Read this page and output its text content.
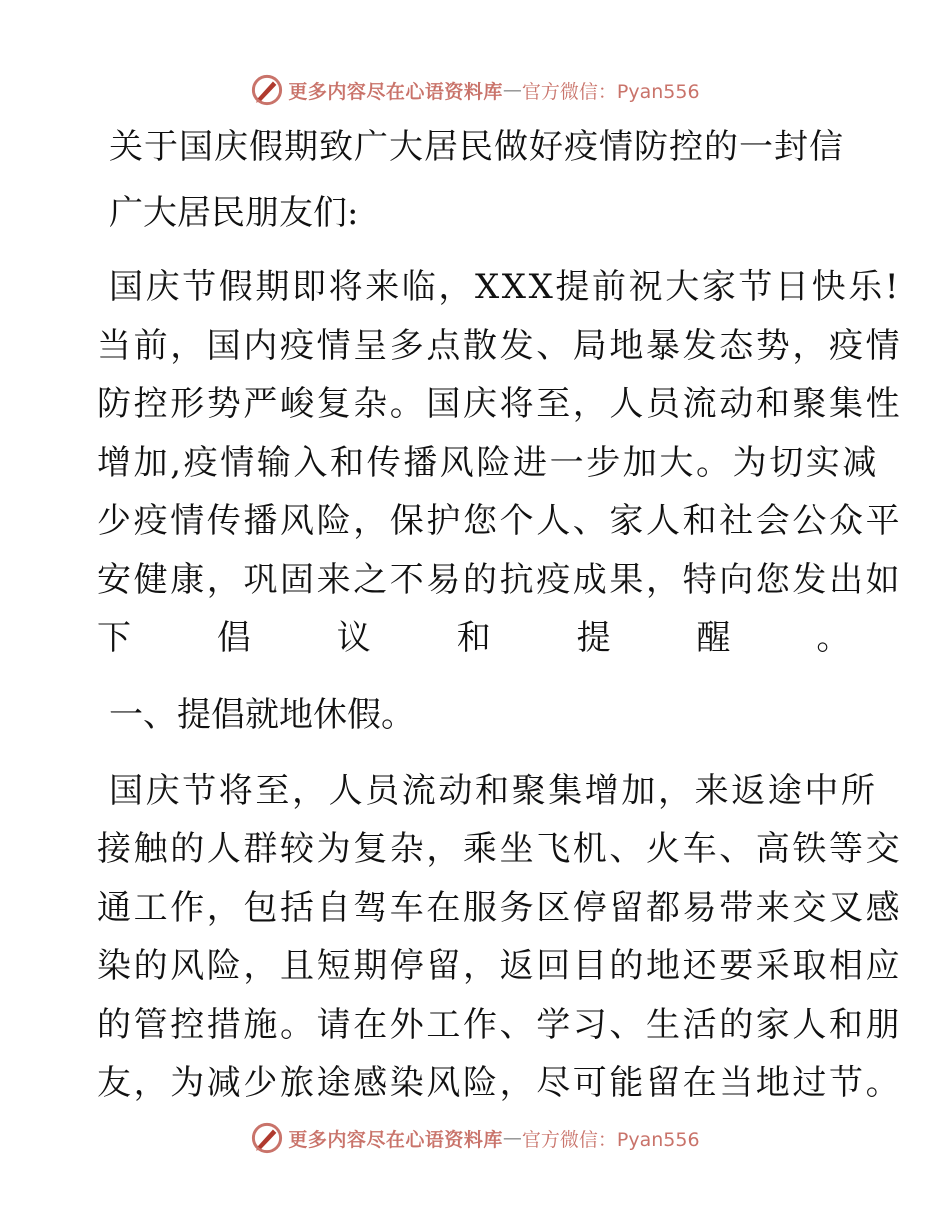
更多内容尽在心语资料库 — 官方微信：Pyan556
关于国庆假期致广大居民做好疫情防控的一封信

广大居民朋友们:

国庆节假期即将来临，XXX提前祝大家节日快乐!
当前，国内疫情呈多点散发、局地暴发态势，疫情
防控形势严峻复杂。国庆将至，人员流动和聚集性
增加,疫情输入和传播风险进一步加大。为切实减
少疫情传播风险，保护您个人、家人和社会公众平
安健康，巩固来之不易的抗疫成果，特向您发出如
下倡议和提醒。
一、提倡就地休假。
国庆节将至，人员流动和聚集增加，来返途中所
接触的人群较为复杂，乘坐飞机、火车、高铁等交
通工作，包括自驾车在服务区停留都易带来交叉感
染的风险，且短期停留，返回目的地还要采取相应
的管控措施。请在外工作、学习、生活的家人和朋
友，为减少旅途感染风险，尽可能留在当地过节。
更多内容尽在心语资料库 — 官方微信：Pyan556
